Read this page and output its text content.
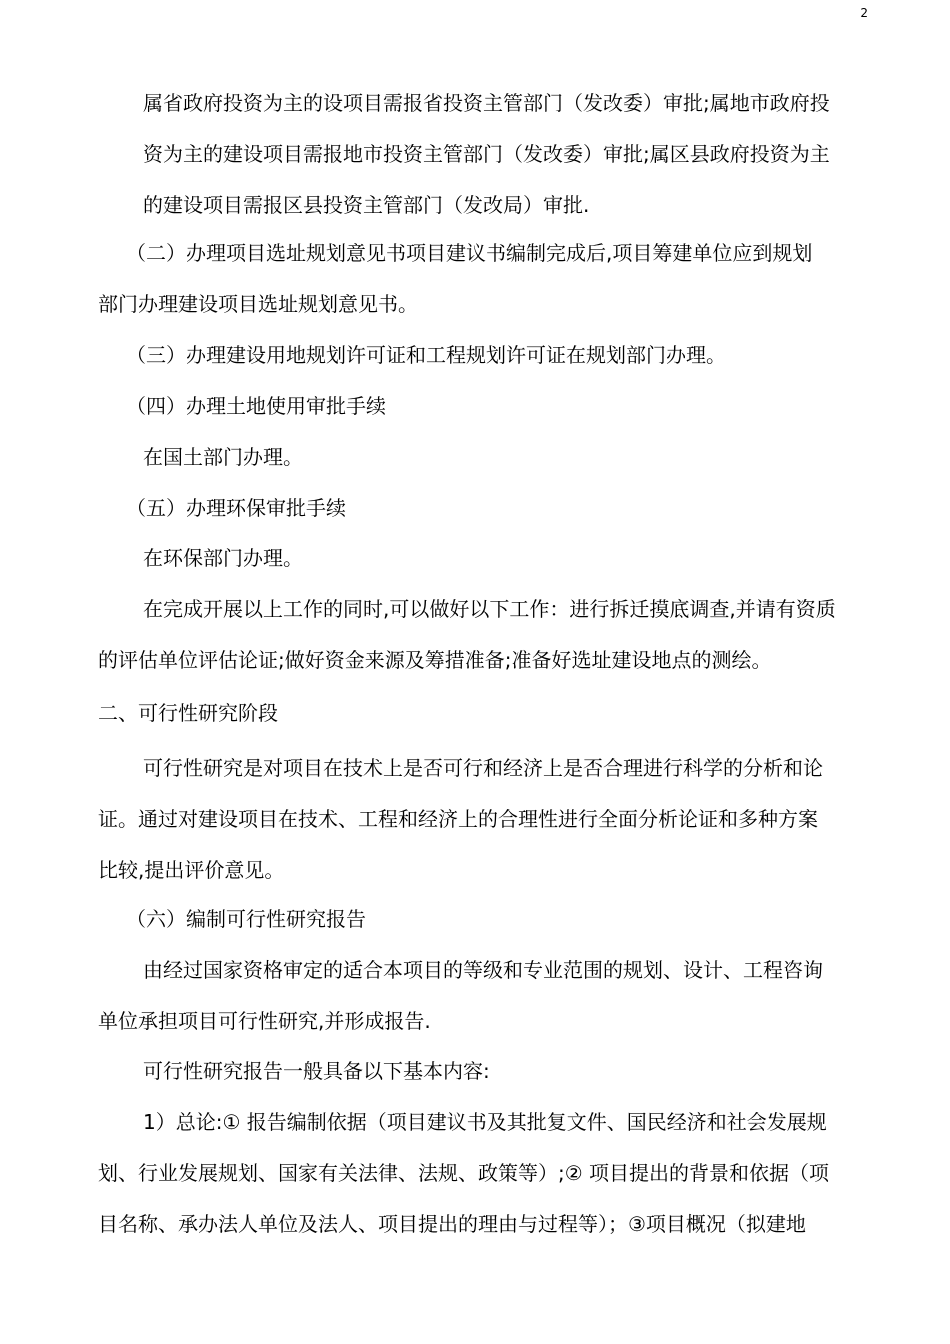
2
属省政府投资为主的设项目需报省投资主管部门（发改委）审批;属地市政府投
资为主的建设项目需报地市投资主管部门（发改委）审批;属区县政府投资为主
的建设项目需报区县投资主管部门（发改局）审批.
（二）办理项目选址规划意见书项目建议书编制完成后,项目筹建单位应到规划
部门办理建设项目选址规划意见书。
（三）办理建设用地规划许可证和工程规划许可证在规划部门办理。
（四）办理土地使用审批手续
在国土部门办理。
（五）办理环保审批手续
在环保部门办理。
在完成开展以上工作的同时,可以做好以下工作：进行拆迁摸底调查,并请有资质
的评估单位评估论证;做好资金来源及筹措准备;准备好选址建设地点的测绘。
二、可行性研究阶段
可行性研究是对项目在技术上是否可行和经济上是否合理进行科学的分析和论
证。通过对建设项目在技术、工程和经济上的合理性进行全面分析论证和多种方案
比较,提出评价意见。
（六）编制可行性研究报告
由经过国家资格审定的适合本项目的等级和专业范围的规划、设计、工程咨询
单位承担项目可行性研究,并形成报告.
可行性研究报告一般具备以下基本内容:
1）总论:① 报告编制依据（项目建议书及其批复文件、国民经济和社会发展规
划、行业发展规划、国家有关法律、法规、政策等）;② 项目提出的背景和依据（项
目名称、承办法人单位及法人、项目提出的理由与过程等）；③项目概况（拟建地
